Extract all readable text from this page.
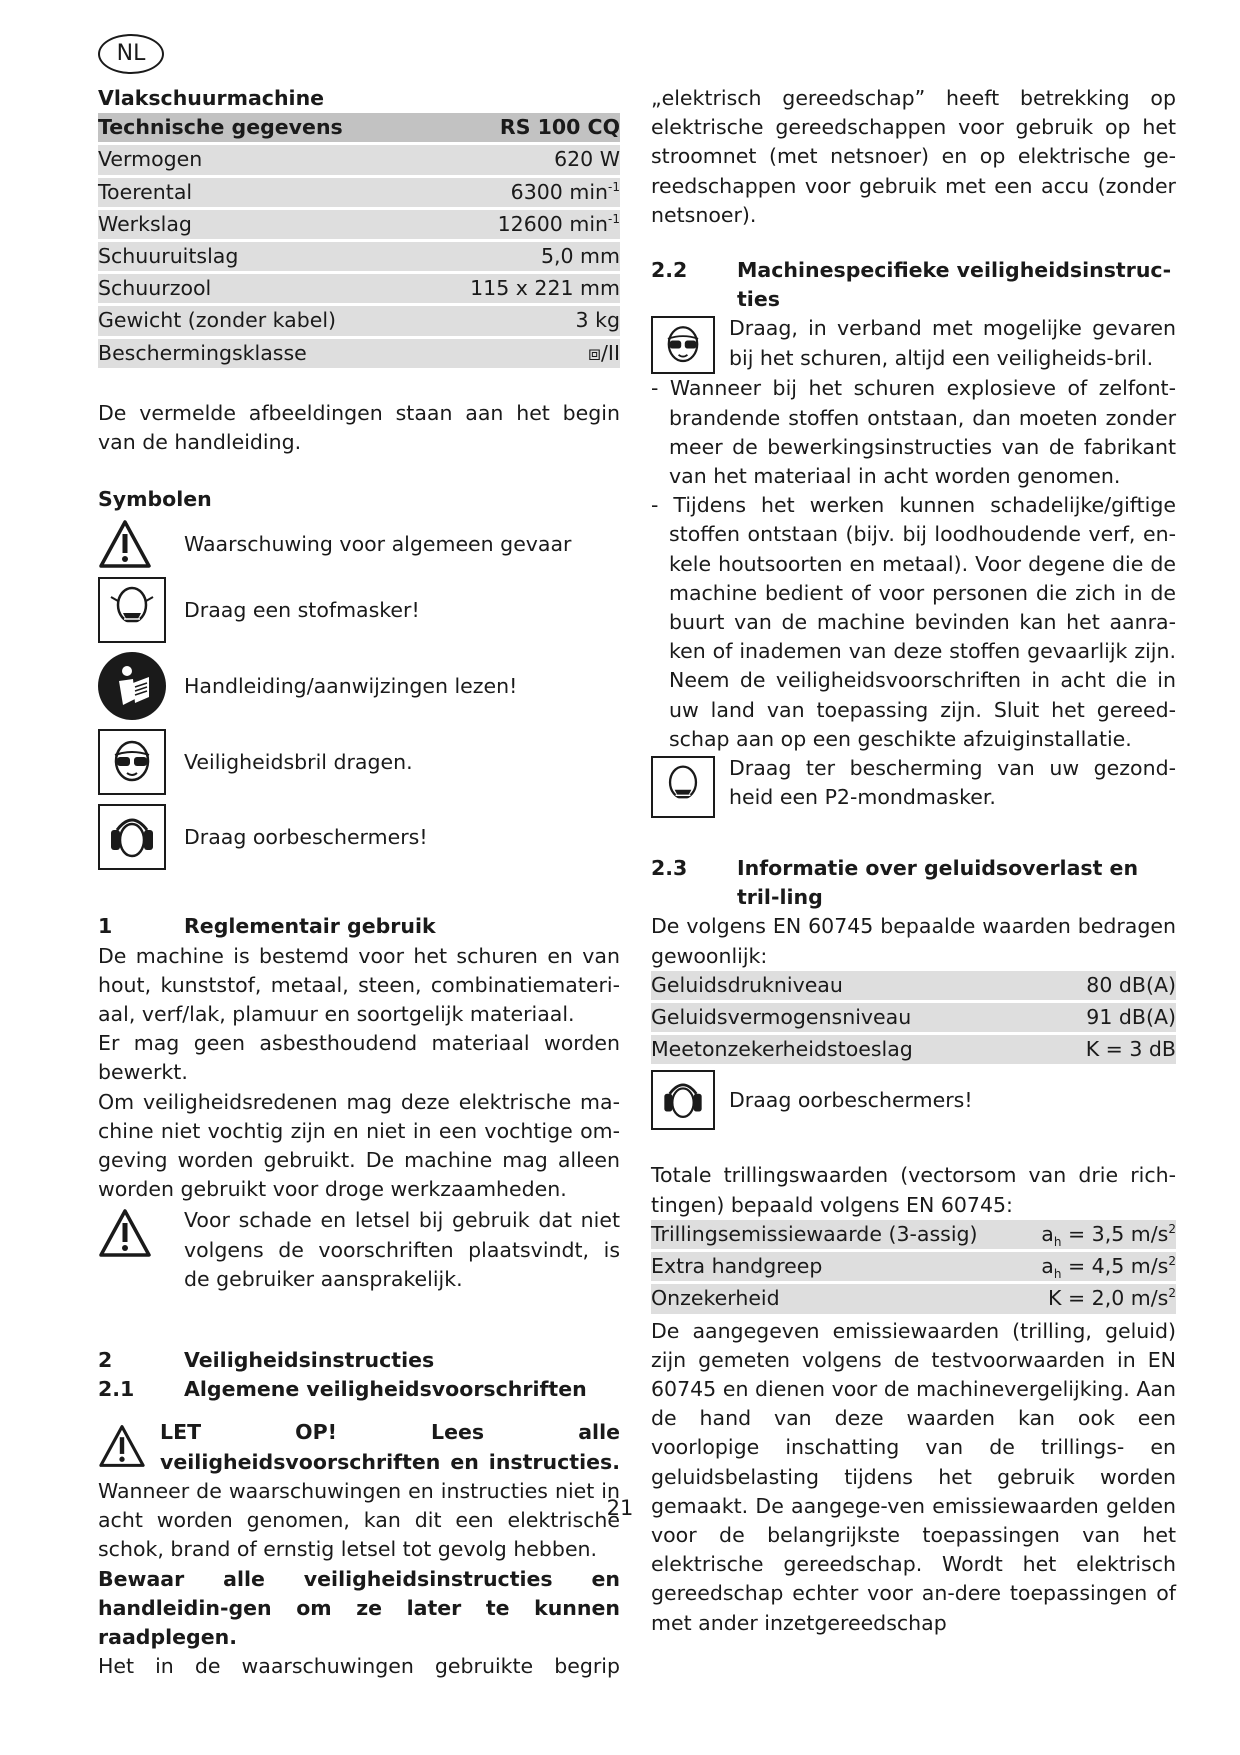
NL

Vlakschuurmachine

Technische gegevens	RS 100 CQ
Vermogen	620 W
Toerental	6300 $\min^{-1}$
Werkslag	12600 $\min^{-1}$
Schuuruitslag	5,0 mm
Schuurzool	115 x 221 mm
Gewicht (zonder kabel)	3 kg
Beschermingsklasse	⧈/II

De vermelde afbeeldingen staan aan het begin van de handleiding.

Symbolen

Waarschuwing voor algemeen gevaar
Draag een stofmasker!
Handleiding/aanwijzingen lezen!
Veiligheidsbril dragen.
Draag oorbeschermers!
1	Reglementair gebruik

De machine is bestemd voor het schuren en van hout, kunststof, metaal, steen, combinatiemateri-aal, verf/lak, plamuur en soortgelijk materiaal.

Er mag geen asbesthoudend materiaal worden bewerkt.

Om veiligheidsredenen mag deze elektrische ma-chine niet vochtig zijn en niet in een vochtige om-geving worden gebruikt. De machine mag alleen worden gebruikt voor droge werkzaamheden.

Voor schade en letsel bij gebruik dat niet volgens de voorschriften plaatsvindt, is de gebruiker aansprakelijk.

2	Veiligheidsinstructies
2.1	Algemene veiligheidsvoorschriften
LET OP! Lees alle veiligheidsvoorschriften en instructies. Wanneer de waarschuwingen en instructies niet in acht worden genomen, kan dit een elektrische schok, brand of ernstig letsel tot gevolg hebben.

Bewaar alle veiligheidsinstructies en handleidin-gen om ze later te kunnen raadplegen.

Het in de waarschuwingen gebruikte begrip

„elektrisch gereedschap” heeft betrekking op elektrische gereedschappen voor gebruik op het stroomnet (met netsnoer) en op elektrische ge-reedschappen voor gebruik met een accu (zonder netsnoer).

2.2	Machinespecifieke veiligheidsinstruc-ties

Draag, in verband met mogelijke gevaren bij het schuren, altijd een veiligheids-bril.

- Wanneer bij het schuren explosieve of zelfont-brandende stoffen ontstaan, dan moeten zonder meer de bewerkingsinstructies van de fabrikant van het materiaal in acht worden genomen.

- Tijdens het werken kunnen schadelijke/giftige stoffen ontstaan (bijv. bij loodhoudende verf, en-kele houtsoorten en metaal). Voor degene die de machine bedient of voor personen die zich in de buurt van de machine bevinden kan het aanra-ken of inademen van deze stoffen gevaarlijk zijn. Neem de veiligheidsvoorschriften in acht die in uw land van toepassing zijn. Sluit het gereed-schap aan op een geschikte afzuiginstallatie.

Draag ter bescherming van uw gezond-heid een P2-mondmasker.

2.3	Informatie over geluidsoverlast en tril-ling

De volgens EN 60745 bepaalde waarden bedragen gewoonlijk:

Geluidsdrukniveau	80 dB(A)
Geluidsvermogensniveau	91 dB(A)
Meetonzekerheidstoeslag	K = 3 dB
Draag oorbeschermers!

Totale trillingswaarden (vectorsom van drie rich-tingen) bepaald volgens EN 60745:

Trillingsemissiewaarde (3-assig)	$a_h = 3,5$ $m/s^2$
Extra handgreep	$a_h = 4,5$ $m/s^2$
Onzekerheid	K = 2,0 $m/s^2$

De aangegeven emissiewaarden (trilling, geluid) zijn gemeten volgens de testvoorwaarden in EN 60745 en dienen voor de machinevergelijking. Aan de hand van deze waarden kan ook een voorlopige inschatting van de trillings- en geluidsbelasting tijdens het gebruik worden gemaakt. De aangege-ven emissiewaarden gelden voor de belangrijkste toepassingen van het elektrische gereedschap. Wordt het elektrisch gereedschap echter voor an-dere toepassingen of met ander inzetgereedschap

21
